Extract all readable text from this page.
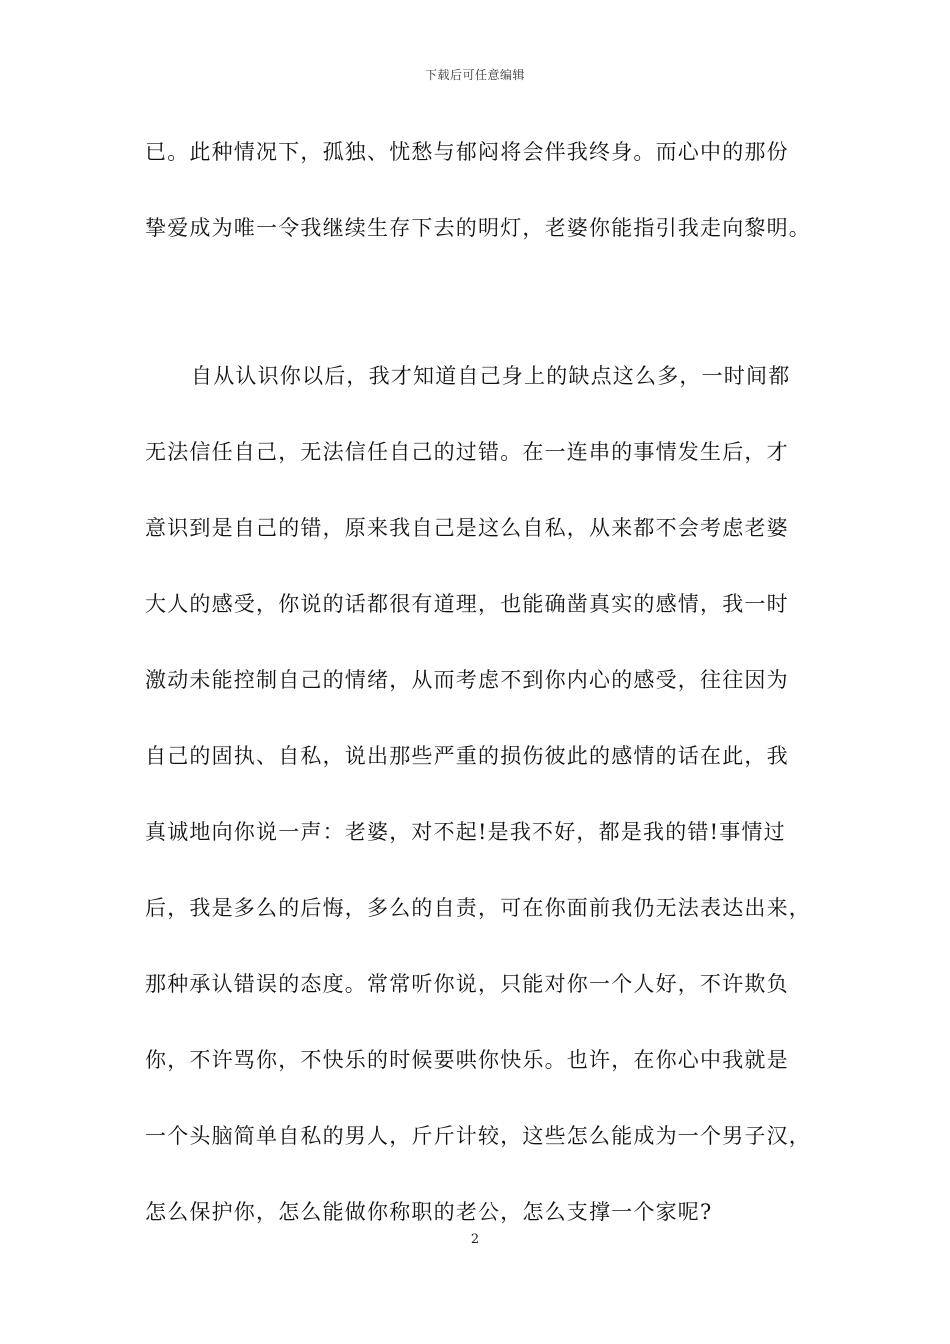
下载后可任意编辑
已。此种情况下，孤独、忧愁与郁闷将会伴我终身。而心中的那份
挚爱成为唯一令我继续生存下去的明灯，老婆你能指引我走向黎明。
自从认识你以后，我才知道自己身上的缺点这么多，一时间都
无法信任自己，无法信任自己的过错。在一连串的事情发生后，才
意识到是自己的错，原来我自己是这么自私，从来都不会考虑老婆
大人的感受，你说的话都很有道理，也能确凿真实的感情，我一时
激动未能控制自己的情绪，从而考虑不到你内心的感受，往往因为
自己的固执、自私，说出那些严重的损伤彼此的感情的话在此，我
真诚地向你说一声：老婆，对不起!是我不好，都是我的错!事情过
后，我是多么的后悔，多么的自责，可在你面前我仍无法表达出来，
那种承认错误的态度。常常听你说，只能对你一个人好，不许欺负
你，不许骂你，不快乐的时候要哄你快乐。也许，在你心中我就是
一个头脑简单自私的男人，斤斤计较，这些怎么能成为一个男子汉，
怎么保护你，怎么能做你称职的老公，怎么支撑一个家呢?
2
